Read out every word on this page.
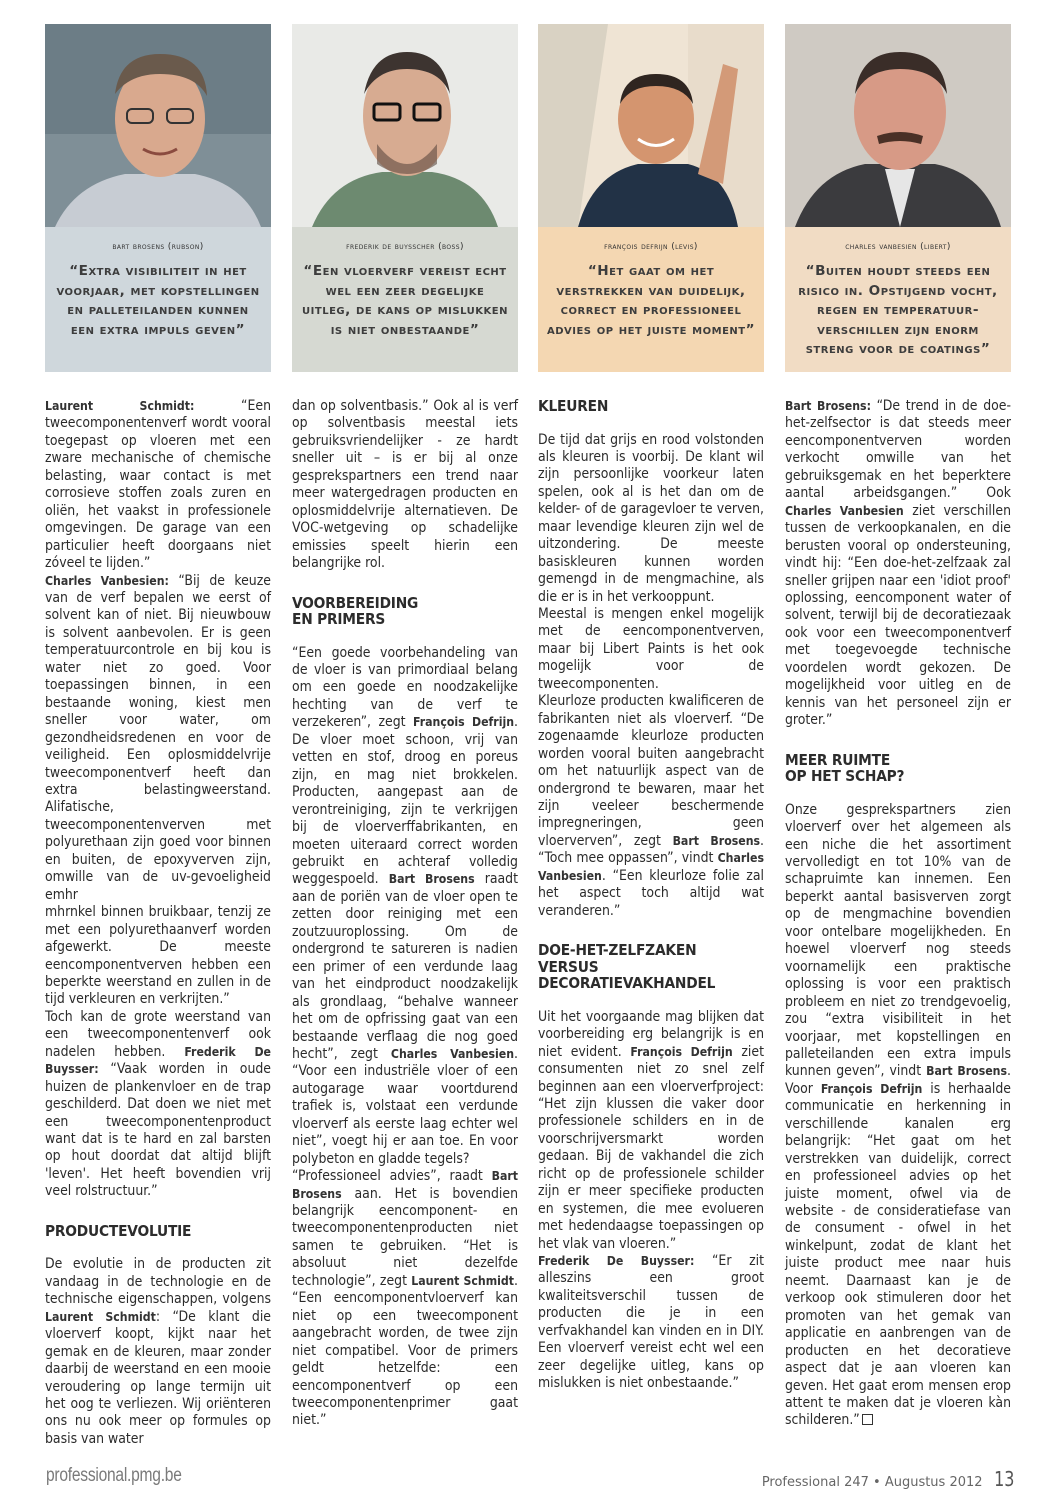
bart brosens (rubson)
“Extra visibiliteit in het voorjaar, met kopstellingen en palleteilanden kunnen een extra impuls geven”
frederik de buysscher (boss)
“Een vloerverf vereist echt wel een zeer degelijke uitleg, de kans op mislukken is niet onbestaande”
françois defrijn (levis)
“Het gaat om het verstrekken van duidelijk, correct en professioneel advies op het juiste moment”
charles vanbesien (libert)
“Buiten houdt steeds een risico in. Opstijgend vocht, regen en temperatuur-verschillen zijn enorm streng voor de coatings”

Laurent Schmidt: “Een tweecomponentenverf wordt vooral toegepast op vloeren met een zware mechanische of chemische belasting, waar contact is met corrosieve stoffen zoals zuren en oliën, het vaakst in professionele omgevingen. De garage van een particulier heeft doorgaans niet zóveel te lijden.”

Charles Vanbesien: “Bij de keuze van de verf bepalen we eerst of solvent kan of niet. Bij nieuwbouw is solvent aanbevolen. Er is geen temperatuurcontrole en bij kou is water niet zo goed. Voor toepassingen binnen, in een bestaande woning, kiest men sneller voor water, om gezondheidsredenen en voor de veiligheid. Een oplosmiddelvrije tweecomponentverf heeft dan extra belastingweerstand. Alifatische, tweecomponentenverven met polyurethaan zijn goed voor binnen en buiten, de epoxyverven zijn, omwille van de uv-gevoeligheid emhr

mhrnkel binnen bruikbaar, tenzij ze met een polyurethaanverf worden afgewerkt. De meeste eencomponentverven hebben een beperkte weerstand en zullen in de tijd verkleuren en verkrijten.”

Toch kan de grote weerstand van een tweecomponentenverf ook nadelen hebben. Frederik De Buysser: “Vaak worden in oude huizen de plankenvloer en de trap geschilderd. Dat doen we niet met een tweecomponentenproduct want dat is te hard en zal barsten op hout doordat dat altijd blijft 'leven'. Het heeft bovendien vrij veel rolstructuur.”

PRODUCTEVOLUTIE

De evolutie in de producten zit vandaag in de technologie en de technische eigenschappen, volgens Laurent Schmidt: “De klant die vloerverf koopt, kijkt naar het gemak en de kleuren, maar zonder daarbij de weerstand en een mooie veroudering op lange termijn uit het oog te verliezen. Wij oriënteren ons nu ook meer op formules op basis van water

dan op solventbasis.” Ook al is verf op solventbasis meestal iets gebruiksvriendelijker - ze hardt sneller uit – is er bij al onze gesprekspartners een trend naar meer watergedragen producten en oplosmiddelvrije alternatieven. De VOC-wetgeving op schadelijke emissies speelt hierin een belangrijke rol.

VOORBEREIDING
EN PRIMERS

“Een goede voorbehandeling van de vloer is van primordiaal belang om een goede en noodzakelijke hechting van de verf te verzekeren”, zegt François Defrijn. De vloer moet schoon, vrij van vetten en stof, droog en poreus zijn, en mag niet brokkelen. Producten, aangepast aan de verontreiniging, zijn te verkrijgen bij de vloerverffabrikanten, en moeten uiteraard correct worden gebruikt en achteraf volledig weggespoeld. Bart Brosens raadt aan de poriën van de vloer open te zetten door reiniging met een zoutzuuroplossing. Om de ondergrond te satureren is nadien een primer of een verdunde laag van het eindproduct noodzakelijk als grondlaag, “behalve wanneer het om de opfrissing gaat van een bestaande verflaag die nog goed hecht”, zegt Charles Vanbesien. “Voor een industriële vloer of een autogarage waar voortdurend trafiek is, volstaat een verdunde vloerverf als eerste laag echter wel niet”, voegt hij er aan toe. En voor polybeton en gladde tegels?

“Professioneel advies”, raadt Bart Brosens aan. Het is bovendien belangrijk eencomponent- en tweecomponentenproducten niet samen te gebruiken. “Het is absoluut niet dezelfde technologie”, zegt Laurent Schmidt. “Een eencomponentvloerverf kan niet op een tweecomponent aangebracht worden, de twee zijn niet compatibel. Voor de primers geldt hetzelfde: een eencomponentverf op een tweecomponentenprimer gaat niet.”

KLEUREN

De tijd dat grijs en rood volstonden als kleuren is voorbij. De klant wil zijn persoonlijke voorkeur laten spelen, ook al is het dan om de kelder- of de garagevloer te verven, maar levendige kleuren zijn wel de uitzondering. De meeste basiskleuren kunnen worden gemengd in de mengmachine, als die er is in het verkooppunt.

Meestal is mengen enkel mogelijk met de eencomponentverven, maar bij Libert Paints is het ook mogelijk voor de tweecomponenten.

Kleurloze producten kwalificeren de fabrikanten niet als vloerverf. “De zogenaamde kleurloze producten worden vooral buiten aangebracht om het natuurlijk aspect van de ondergrond te bewaren, maar het zijn veeleer beschermende impregneringen, geen vloerverven”, zegt Bart Brosens. “Toch mee oppassen”, vindt Charles Vanbesien. “Een kleurloze folie zal het aspect toch altijd wat veranderen.”

DOE-HET-ZELFZAKEN
VERSUS
DECORATIEVAKHANDEL

Uit het voorgaande mag blijken dat voorbereiding erg belangrijk is en niet evident. François Defrijn ziet consumenten niet zo snel zelf beginnen aan een vloerverfproject: “Het zijn klussen die vaker door professionele schilders en in de voorschrijversmarkt worden gedaan. Bij de vakhandel die zich richt op de professionele schilder zijn er meer specifieke producten en systemen, die mee evolueren met hedendaagse toepassingen op het vlak van vloeren.”

Frederik De Buysser: “Er zit alleszins een groot kwaliteitsverschil tussen de producten die je in een verfvakhandel kan vinden en in DIY. Een vloerverf vereist echt wel een zeer degelijke uitleg, kans op mislukken is niet onbestaande.”

Bart Brosens: “De trend in de doe-het-zelfsector is dat steeds meer eencomponentverven worden verkocht omwille van het gebruiksgemak en het beperktere aantal arbeidsgangen.” Ook Charles Vanbesien ziet verschillen tussen de verkoopkanalen, en die berusten vooral op ondersteuning, vindt hij: “Een doe-het-zelfzaak zal sneller grijpen naar een 'idiot proof' oplossing, eencomponent water of solvent, terwijl bij de decoratiezaak ook voor een tweecomponentverf met toegevoegde technische voordelen wordt gekozen. De mogelijkheid voor uitleg en de kennis van het personeel zijn er groter.”

MEER RUIMTE
OP HET SCHAP?

Onze gesprekspartners zien vloerverf over het algemeen als een niche die het assortiment vervolledigt en tot 10% van de schapruimte kan innemen. Een beperkt aantal basisverven zorgt op de mengmachine bovendien voor ontelbare mogelijkheden. En hoewel vloerverf nog steeds voornamelijk een praktische oplossing is voor een praktisch probleem en niet zo trendgevoelig, zou “extra visibiliteit in het voorjaar, met kopstellingen en palleteilanden een extra impuls kunnen geven”, vindt Bart Brosens. Voor François Defrijn is herhaalde communicatie en herkenning in verschillende kanalen erg belangrijk: “Het gaat om het verstrekken van duidelijk, correct en professioneel advies op het juiste moment, ofwel via de website - de consideratiefase van de consument - ofwel in het winkelpunt, zodat de klant het juiste product mee naar huis neemt. Daarnaast kan je de verkoop ook stimuleren door het promoten van het gemak van applicatie en aanbrengen van de producten en het decoratieve aspect dat je aan vloeren kan geven. Het gaat erom mensen erop attent te maken dat je vloeren kàn schilderen.”

professional.pmg.be	Professional 247 • Augustus 2012 13
